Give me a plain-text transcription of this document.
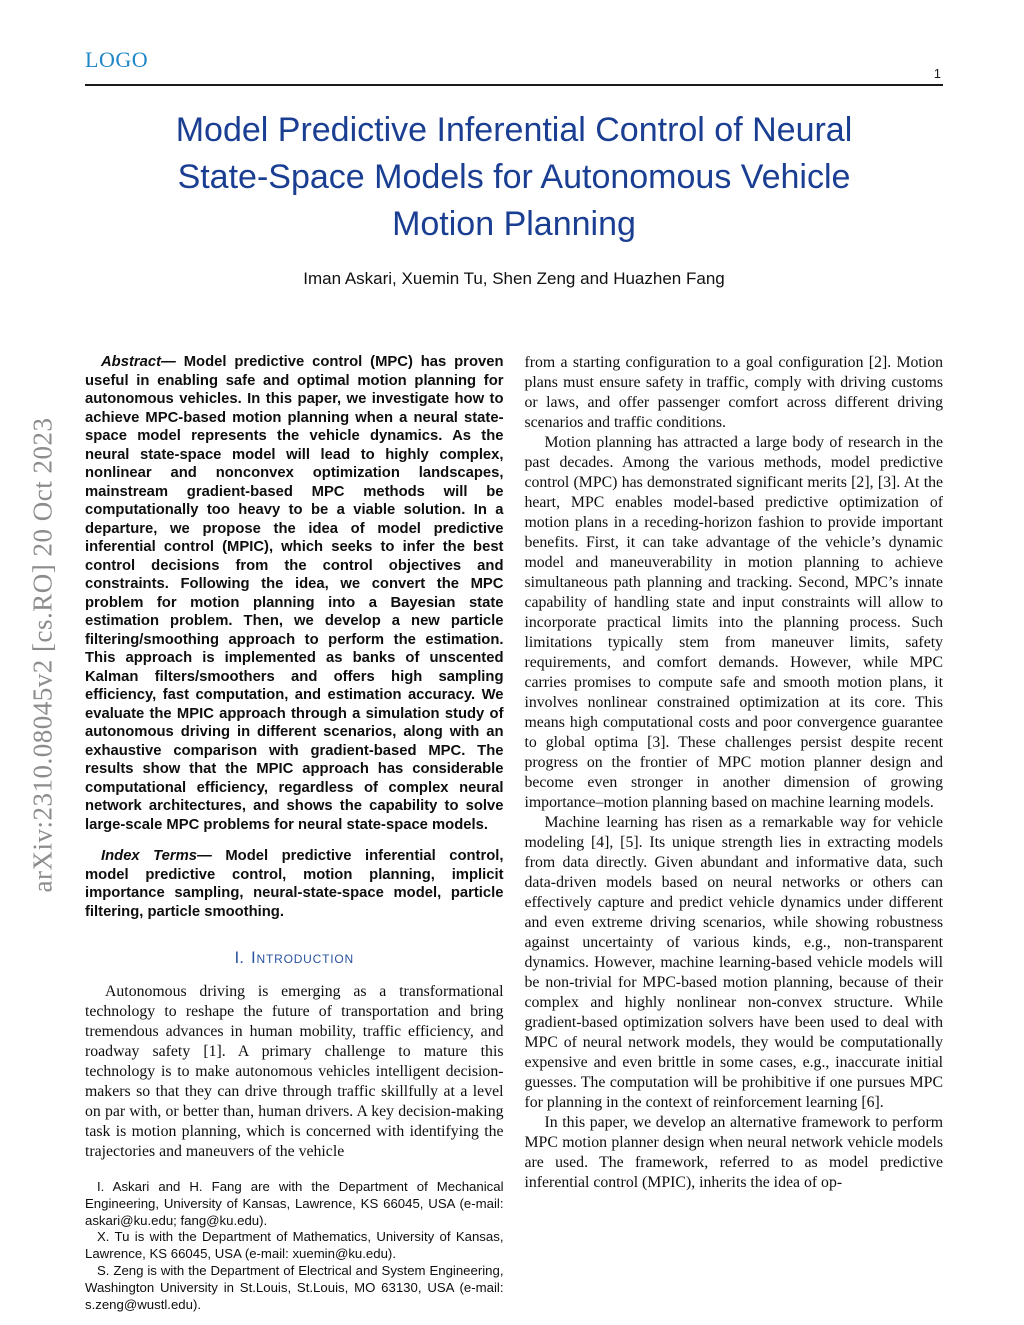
arXiv:2310.08045v2 [cs.RO] 20 Oct 2023
LOGO
1
Model Predictive Inferential Control of Neural
State-Space Models for Autonomous Vehicle
Motion Planning
Iman Askari, Xuemin Tu, Shen Zeng and Huazhen Fang

Abstract— Model predictive control (MPC) has proven useful in enabling safe and optimal motion planning for autonomous vehicles. In this paper, we investigate how to achieve MPC-based motion planning when a neural state-space model represents the vehicle dynamics. As the neural state-space model will lead to highly complex, nonlinear and nonconvex optimization landscapes, mainstream gradient-based MPC methods will be computationally too heavy to be a viable solution. In a departure, we propose the idea of model predictive inferential control (MPIC), which seeks to infer the best control decisions from the control objectives and constraints. Following the idea, we convert the MPC problem for motion planning into a Bayesian state estimation problem. Then, we develop a new particle filtering/smoothing approach to perform the estimation. This approach is implemented as banks of unscented Kalman filters/smoothers and offers high sampling efficiency, fast computation, and estimation accuracy. We evaluate the MPIC approach through a simulation study of autonomous driving in different scenarios, along with an exhaustive comparison with gradient-based MPC. The results show that the MPIC approach has considerable computational efficiency, regardless of complex neural network architectures, and shows the capability to solve large-scale MPC problems for neural state-space models.

Index Terms— Model predictive inferential control, model predictive control, motion planning, implicit importance sampling, neural-state-space model, particle filtering, particle smoothing.

I. Introduction

Autonomous driving is emerging as a transformational technology to reshape the future of transportation and bring tremendous advances in human mobility, traffic efficiency, and roadway safety [1]. A primary challenge to mature this technology is to make autonomous vehicles intelligent decision-makers so that they can drive through traffic skillfully at a level on par with, or better than, human drivers. A key decision-making task is motion planning, which is concerned with identifying the trajectories and maneuvers of the vehicle

I. Askari and H. Fang are with the Department of Mechanical Engineering, University of Kansas, Lawrence, KS 66045, USA (e-mail: askari@ku.edu; fang@ku.edu).

X. Tu is with the Department of Mathematics, University of Kansas, Lawrence, KS 66045, USA (e-mail: xuemin@ku.edu).

S. Zeng is with the Department of Electrical and System Engineering, Washington University in St.Louis, St.Louis, MO 63130, USA (e-mail: s.zeng@wustl.edu).

from a starting configuration to a goal configuration [2]. Motion plans must ensure safety in traffic, comply with driving customs or laws, and offer passenger comfort across different driving scenarios and traffic conditions.

Motion planning has attracted a large body of research in the past decades. Among the various methods, model predictive control (MPC) has demonstrated significant merits [2], [3]. At the heart, MPC enables model-based predictive optimization of motion plans in a receding-horizon fashion to provide important benefits. First, it can take advantage of the vehicle’s dynamic model and maneuverability in motion planning to achieve simultaneous path planning and tracking. Second, MPC’s innate capability of handling state and input constraints will allow to incorporate practical limits into the planning process. Such limitations typically stem from maneuver limits, safety requirements, and comfort demands. However, while MPC carries promises to compute safe and smooth motion plans, it involves nonlinear constrained optimization at its core. This means high computational costs and poor convergence guarantee to global optima [3]. These challenges persist despite recent progress on the frontier of MPC motion planner design and become even stronger in another dimension of growing importance–motion planning based on machine learning models.

Machine learning has risen as a remarkable way for vehicle modeling [4], [5]. Its unique strength lies in extracting models from data directly. Given abundant and informative data, such data-driven models based on neural networks or others can effectively capture and predict vehicle dynamics under different and even extreme driving scenarios, while showing robustness against uncertainty of various kinds, e.g., non-transparent dynamics. However, machine learning-based vehicle models will be non-trivial for MPC-based motion planning, because of their complex and highly nonlinear non-convex structure. While gradient-based optimization solvers have been used to deal with MPC of neural network models, they would be computationally expensive and even brittle in some cases, e.g., inaccurate initial guesses. The computation will be prohibitive if one pursues MPC for planning in the context of reinforcement learning [6].

In this paper, we develop an alternative framework to perform MPC motion planner design when neural network vehicle models are used. The framework, referred to as model predictive inferential control (MPIC), inherits the idea of op-
